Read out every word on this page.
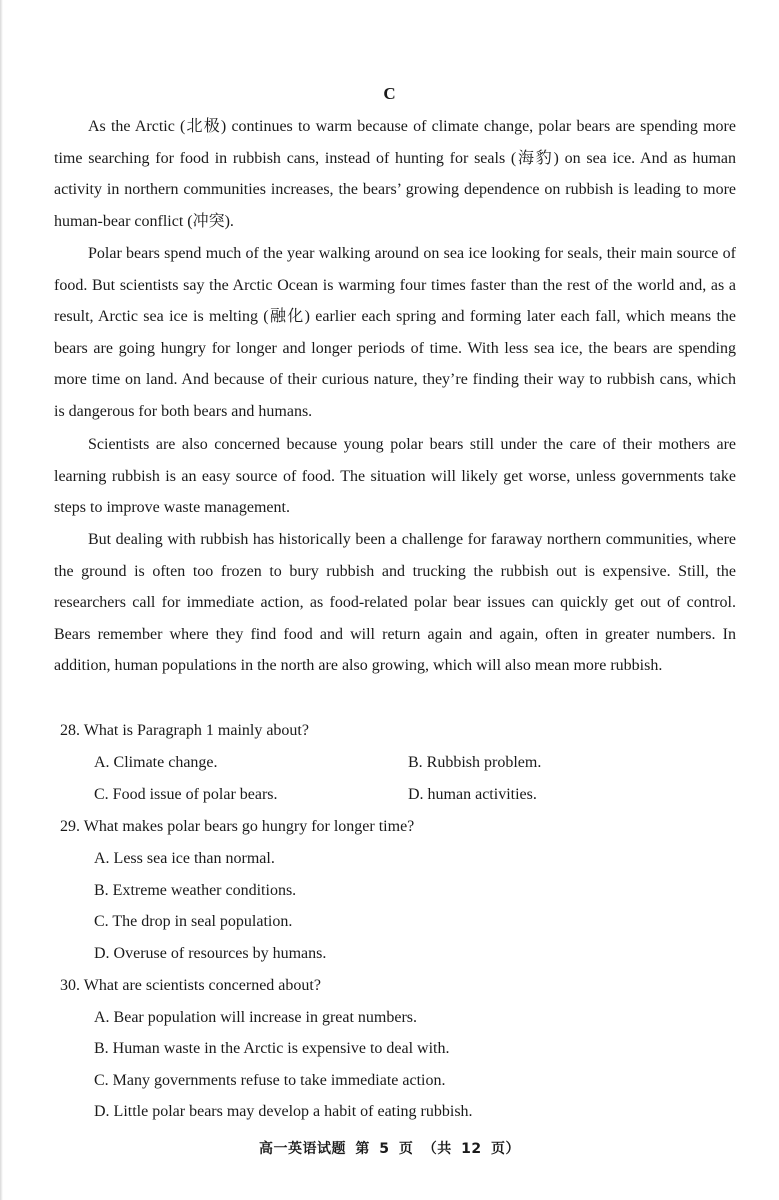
C

As the Arctic (北极) continues to warm because of climate change, polar bears are spending more time searching for food in rubbish cans, instead of hunting for seals (海豹) on sea ice. And as human activity in northern communities increases, the bears’ growing dependence on rubbish is leading to more human-bear conflict (冲突).

Polar bears spend much of the year walking around on sea ice looking for seals, their main source of food. But scientists say the Arctic Ocean is warming four times faster than the rest of the world and, as a result, Arctic sea ice is melting (融化) earlier each spring and forming later each fall, which means the bears are going hungry for longer and longer periods of time. With less sea ice, the bears are spending more time on land. And because of their curious nature, they’re finding their way to rubbish cans, which is dangerous for both bears and humans.

Scientists are also concerned because young polar bears still under the care of their mothers are learning rubbish is an easy source of food. The situation will likely get worse, unless governments take steps to improve waste management.

But dealing with rubbish has historically been a challenge for faraway northern communities, where the ground is often too frozen to bury rubbish and trucking the rubbish out is expensive. Still, the researchers call for immediate action, as food-related polar bear issues can quickly get out of control. Bears remember where they find food and will return again and again, often in greater numbers. In addition, human populations in the north are also growing, which will also mean more rubbish.

28. What is Paragraph 1 mainly about?
A. Climate change.	B. Rubbish problem.
C. Food issue of polar bears.	D. human activities.
29. What makes polar bears go hungry for longer time?
A. Less sea ice than normal.
B. Extreme weather conditions.
C. The drop in seal population.
D. Overuse of resources by humans.
30. What are scientists concerned about?
A. Bear population will increase in great numbers.
B. Human waste in the Arctic is expensive to deal with.
C. Many governments refuse to take immediate action.
D. Little polar bears may develop a habit of eating rubbish.
高一英语试题 第 5 页 （共 12 页）
